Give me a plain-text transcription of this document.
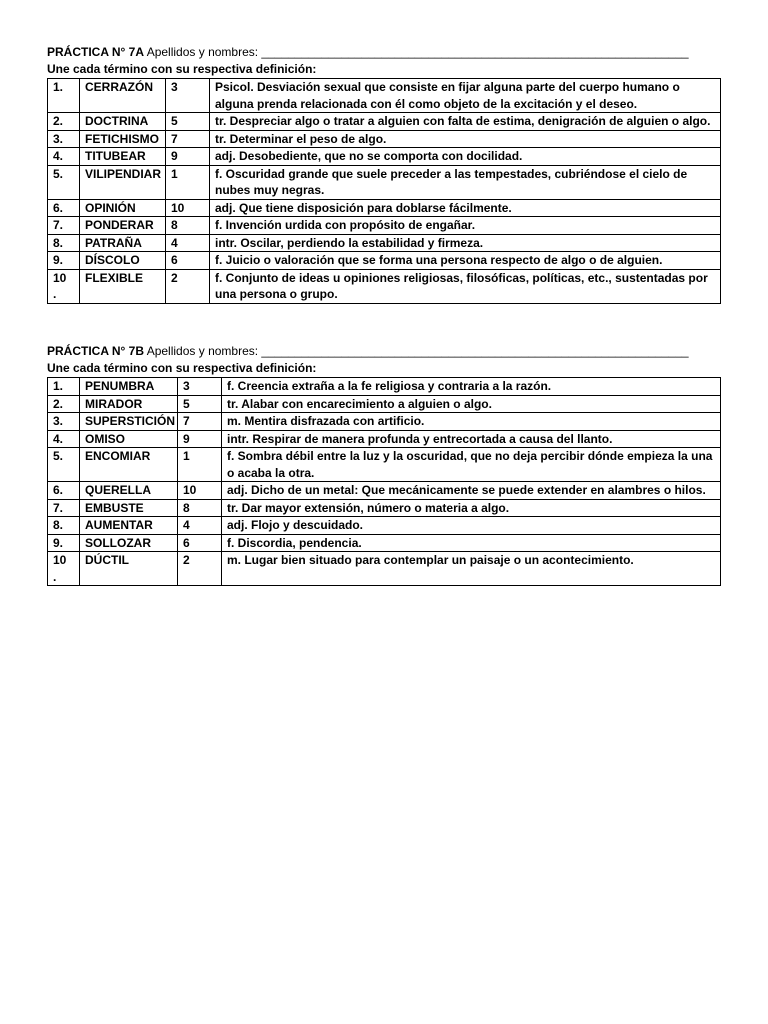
PRÁCTICA N° 7A Apellidos y nombres: ________________________________________________________________
Une cada término con su respectiva definición:
1.	CERRAZÓN	3	Psicol. Desviación sexual que consiste en fijar alguna parte del cuerpo humano o alguna prenda relacionada con él como objeto de la excitación y el deseo.
2.	DOCTRINA	5	tr. Despreciar algo o tratar a alguien con falta de estima, denigración de alguien o algo.
3.	FETICHISMO	7	tr. Determinar el peso de algo.
4.	TITUBEAR	9	adj. Desobediente, que no se comporta con docilidad.
5.	VILIPENDIAR	1	f. Oscuridad grande que suele preceder a las tempestades, cubriéndose el cielo de nubes muy negras.
6.	OPINIÓN	10	adj. Que tiene disposición para doblarse fácilmente.
7.	PONDERAR	8	f. Invención urdida con propósito de engañar.
8.	PATRAÑA	4	intr. Oscilar, perdiendo la estabilidad y firmeza.
9.	DÍSCOLO	6	f. Juicio o valoración que se forma una persona respecto de algo o de alguien.
10
.	FLEXIBLE	2	f. Conjunto de ideas u opiniones religiosas, filosóficas, políticas, etc., sustentadas por una persona o grupo.
PRÁCTICA N° 7B Apellidos y nombres: ________________________________________________________________
Une cada término con su respectiva definición:
1.	PENUMBRA	3	f. Creencia extraña a la fe religiosa y contraria a la razón.
2.	MIRADOR	5	tr. Alabar con encarecimiento a alguien o algo.
3.	SUPERSTICIÓN	7	m. Mentira disfrazada con artificio.
4.	OMISO	9	intr. Respirar de manera profunda y entrecortada a causa del llanto.
5.	ENCOMIAR	1	f. Sombra débil entre la luz y la oscuridad, que no deja percibir dónde empieza la una o acaba la otra.
6.	QUERELLA	10	adj. Dicho de un metal: Que mecánicamente se puede extender en alambres o hilos.
7.	EMBUSTE	8	tr. Dar mayor extensión, número o materia a algo.
8.	AUMENTAR	4	adj. Flojo y descuidado.
9.	SOLLOZAR	6	f. Discordia, pendencia.
10
.	DÚCTIL	2	m. Lugar bien situado para contemplar un paisaje o un acontecimiento.
